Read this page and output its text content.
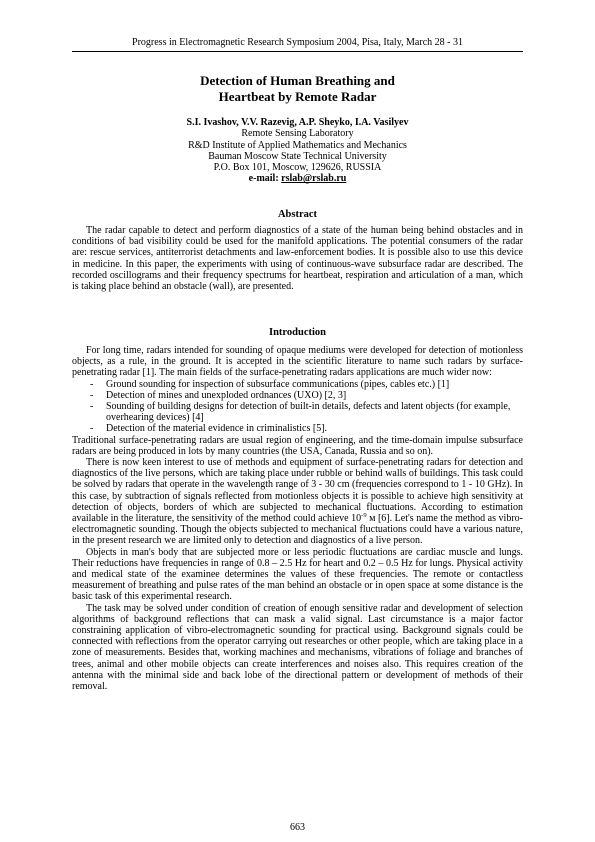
Progress in Electromagnetic Research Symposium 2004, Pisa, Italy, March 28 - 31
Detection of Human Breathing and
Heartbeat by Remote Radar
S.I. Ivashov, V.V. Razevig, A.P. Sheyko, I.A. Vasilyev
Remote Sensing Laboratory
R&D Institute of Applied Mathematics and Mechanics
Bauman Moscow State Technical University
P.O. Box 101, Moscow, 129626, RUSSIA
e-mail: rslab@rslab.ru
Abstract

The radar capable to detect and perform diagnostics of a state of the human being behind obstacles and in conditions of bad visibility could be used for the manifold applications. The potential consumers of the radar are: rescue services, antiterrorist detachments and law-enforcement bodies. It is possible also to use this device in medicine. In this paper, the experiments with using of continuous-wave subsurface radar are described. The recorded oscillograms and their frequency spectrums for heartbeat, respiration and articulation of a man, which is taking place behind an obstacle (wall), are presented.

Introduction

For long time, radars intended for sounding of opaque mediums were developed for detection of motionless objects, as a rule, in the ground. It is accepted in the scientific literature to name such radars by surface-penetrating radar [1]. The main fields of the surface-penetrating radars applications are much wider now:

- Ground sounding for inspection of subsurface communications (pipes, cables etc.) [1]
- Detection of mines and unexploded ordnances (UXO) [2, 3]
- Sounding of building designs for detection of built-in details, defects and latent objects (for example, overhearing devices) [4]
- Detection of the material evidence in criminalistics [5].

Traditional surface-penetrating radars are usual region of engineering, and the time-domain impulse subsurface radars are being produced in lots by many countries (the USA, Canada, Russia and so on).

There is now keen interest to use of methods and equipment of surface-penetrating radars for detection and diagnostics of the live persons, which are taking place under rubble or behind walls of buildings. This task could be solved by radars that operate in the wavelength range of 3 - 30 cm (frequencies correspond to 1 - 10 GHz). In this case, by subtraction of signals reflected from motionless objects it is possible to achieve high sensitivity at detection of objects, borders of which are subjected to mechanical fluctuations. According to estimation available in the literature, the sensitivity of the method could achieve $10^{-9}$ м [6]. Let's name the method as vibro-electromagnetic sounding. Though the objects subjected to mechanical fluctuations could have a various nature, in the present research we are limited only to detection and diagnostics of a live person.

Objects in man's body that are subjected more or less periodic fluctuations are cardiac muscle and lungs. Their reductions have frequencies in range of 0.8 – 2.5 Hz for heart and 0.2 – 0.5 Hz for lungs. Physical activity and medical state of the examinee determines the values of these frequencies. The remote or contactless measurement of breathing and pulse rates of the man behind an obstacle or in open space at some distance is the basic task of this experimental research.

The task may be solved under condition of creation of enough sensitive radar and development of selection algorithms of background reflections that can mask a valid signal. Last circumstance is a major factor constraining application of vibro-electromagnetic sounding for practical using. Background signals could be connected with reflections from the operator carrying out researches or other people, which are taking place in a zone of measurements. Besides that, working machines and mechanisms, vibrations of foliage and branches of trees, animal and other mobile objects can create interferences and noises also. This requires creation of the antenna with the minimal side and back lobe of the directional pattern or development of methods of their removal.

663
